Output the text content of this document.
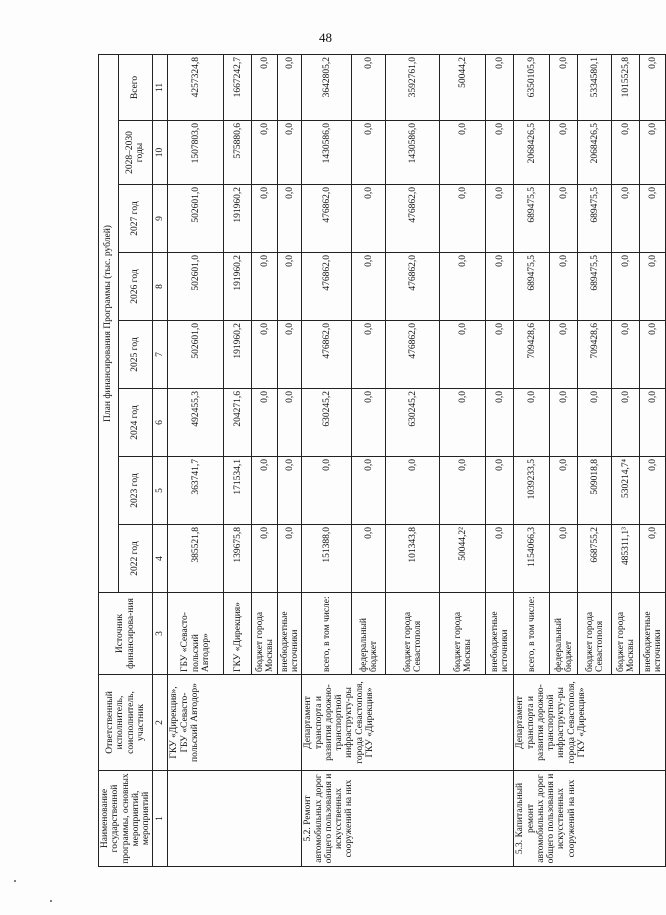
48
Наименование государственной программы, основных мероприятий, мероприятий	Ответственный исполнитель, соисполнитель, участник	Источник финансирова-ния	План финансирования Программы (тыс. рублей)							
			2022 год	2023 год	2024 год	2025 год	2026 год	2027 год	2028–2030 годы	Всего
1	2	3	4	5	6	7	8	9	10	11
	ГКУ «Дирекция», ГБУ «Севасто-польский Автодор»	ГБУ «Севасто-польский Автодор»	385521,8	363741,7	492455,3	502601,0	502601,0	502601,0	1507803,0	4257324,8
		ГКУ «Дирекция»	139675,8	171534,1	204271,6	191960,2	191960,2	191960,2	575880,6	1667242,7
		бюджет города Москвы	0,0	0,0	0,0	0,0	0,0	0,0	0,0	0,0
		внебюджетные источники	0,0	0,0	0,0	0,0	0,0	0,0	0,0	0,0
5.2. Ремонт автомобильных дорог общего пользования и искусственных сооружений на них	Департамент транспорта и развития дорожно-транспортной инфраструкту-ры города Севастополя, ГКУ «Дирекция»	всего, в том числе:	151388,0	0,0	630245,2	476862,0	476862,0	476862,0	1430586,0	3642805,2
		федеральный бюджет	0,0	0,0	0,0	0,0	0,0	0,0	0,0	0,0
		бюджет города Севастополя	101343,8	0,0	630245,2	476862,0	476862,0	476862,0	1430586,0	3592761,0
		бюджет города Москвы	50044,2²	0,0	0,0	0,0	0,0	0,0	0,0	50044,2
		внебюджетные источники	0,0	0,0	0,0	0,0	0,0	0,0	0,0	0,0
5.3. Капитальный ремонт автомобильных дорог общего пользования и искусственных сооружений на них	Департамент транспорта и развития дорожно-транспортной инфраструкту-ры города Севастополя, ГКУ «Дирекция»	всего, в том числе:	1154066,3	1039233,5	0,0	709428,6	689475,5	689475,5	2068426,5	6350105,9
		федеральный бюджет	0,0	0,0	0,0	0,0	0,0	0,0	0,0	0,0
		бюджет города Севастополя	668755,2	509018,8	0,0	709428,6	689475,5	689475,5	2068426,5	5334580,1
		бюджет города Москвы	485311,1³	530214,7⁴	0,0	0,0	0,0	0,0	0,0	1015525,8
		внебюджетные источники	0,0	0,0	0,0	0,0	0,0	0,0	0,0	0,0
